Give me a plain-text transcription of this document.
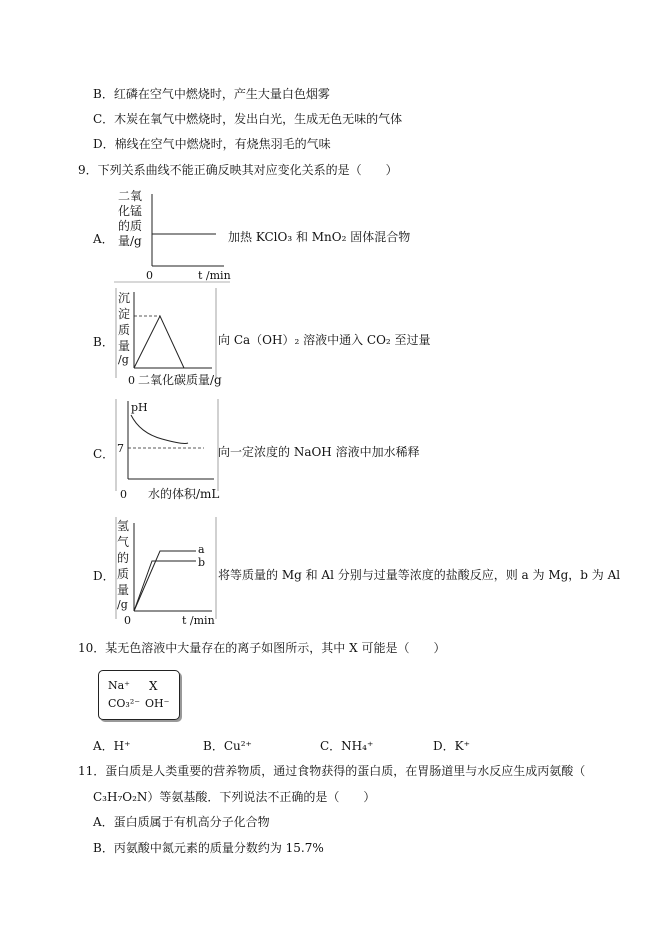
B．红磷在空气中燃烧时，产生大量白色烟雾
C．木炭在氧气中燃烧时，发出白光，生成无色无味的气体
D．棉线在空气中燃烧时，有烧焦羽毛的气味
9．下列关系曲线不能正确反映其对应变化关系的是（　　）
A．
二氧
化锰
的质
量/g
0	t /min
加热 KClO₃ 和 MnO₂ 固体混合物
B．
沉
淀
质
量
/g
0 二氧化碳质量/g
向 Ca（OH）₂ 溶液中通入 CO₂ 至过量
C．
pH
7
0 水的体积/mL
向一定浓度的 NaOH 溶液中加水稀释
D．
氢
气
的
质
量
/g
a
b
0	t /min
将等质量的 Mg 和 Al 分别与过量等浓度的盐酸反应，则 a 为 Mg，b 为 Al
10．某无色溶液中大量存在的离子如图所示，其中 X 可能是（　　）
Na⁺ X
CO₃²⁻ OH⁻
A．H⁺	B．Cu²⁺	C．NH₄⁺	D．K⁺
11．蛋白质是人类重要的营养物质，通过食物获得的蛋白质，在胃肠道里与水反应生成丙氨酸（
C₃H₇O₂N）等氨基酸．下列说法不正确的是（　　）
A．蛋白质属于有机高分子化合物
B．丙氨酸中氮元素的质量分数约为 15.7%
